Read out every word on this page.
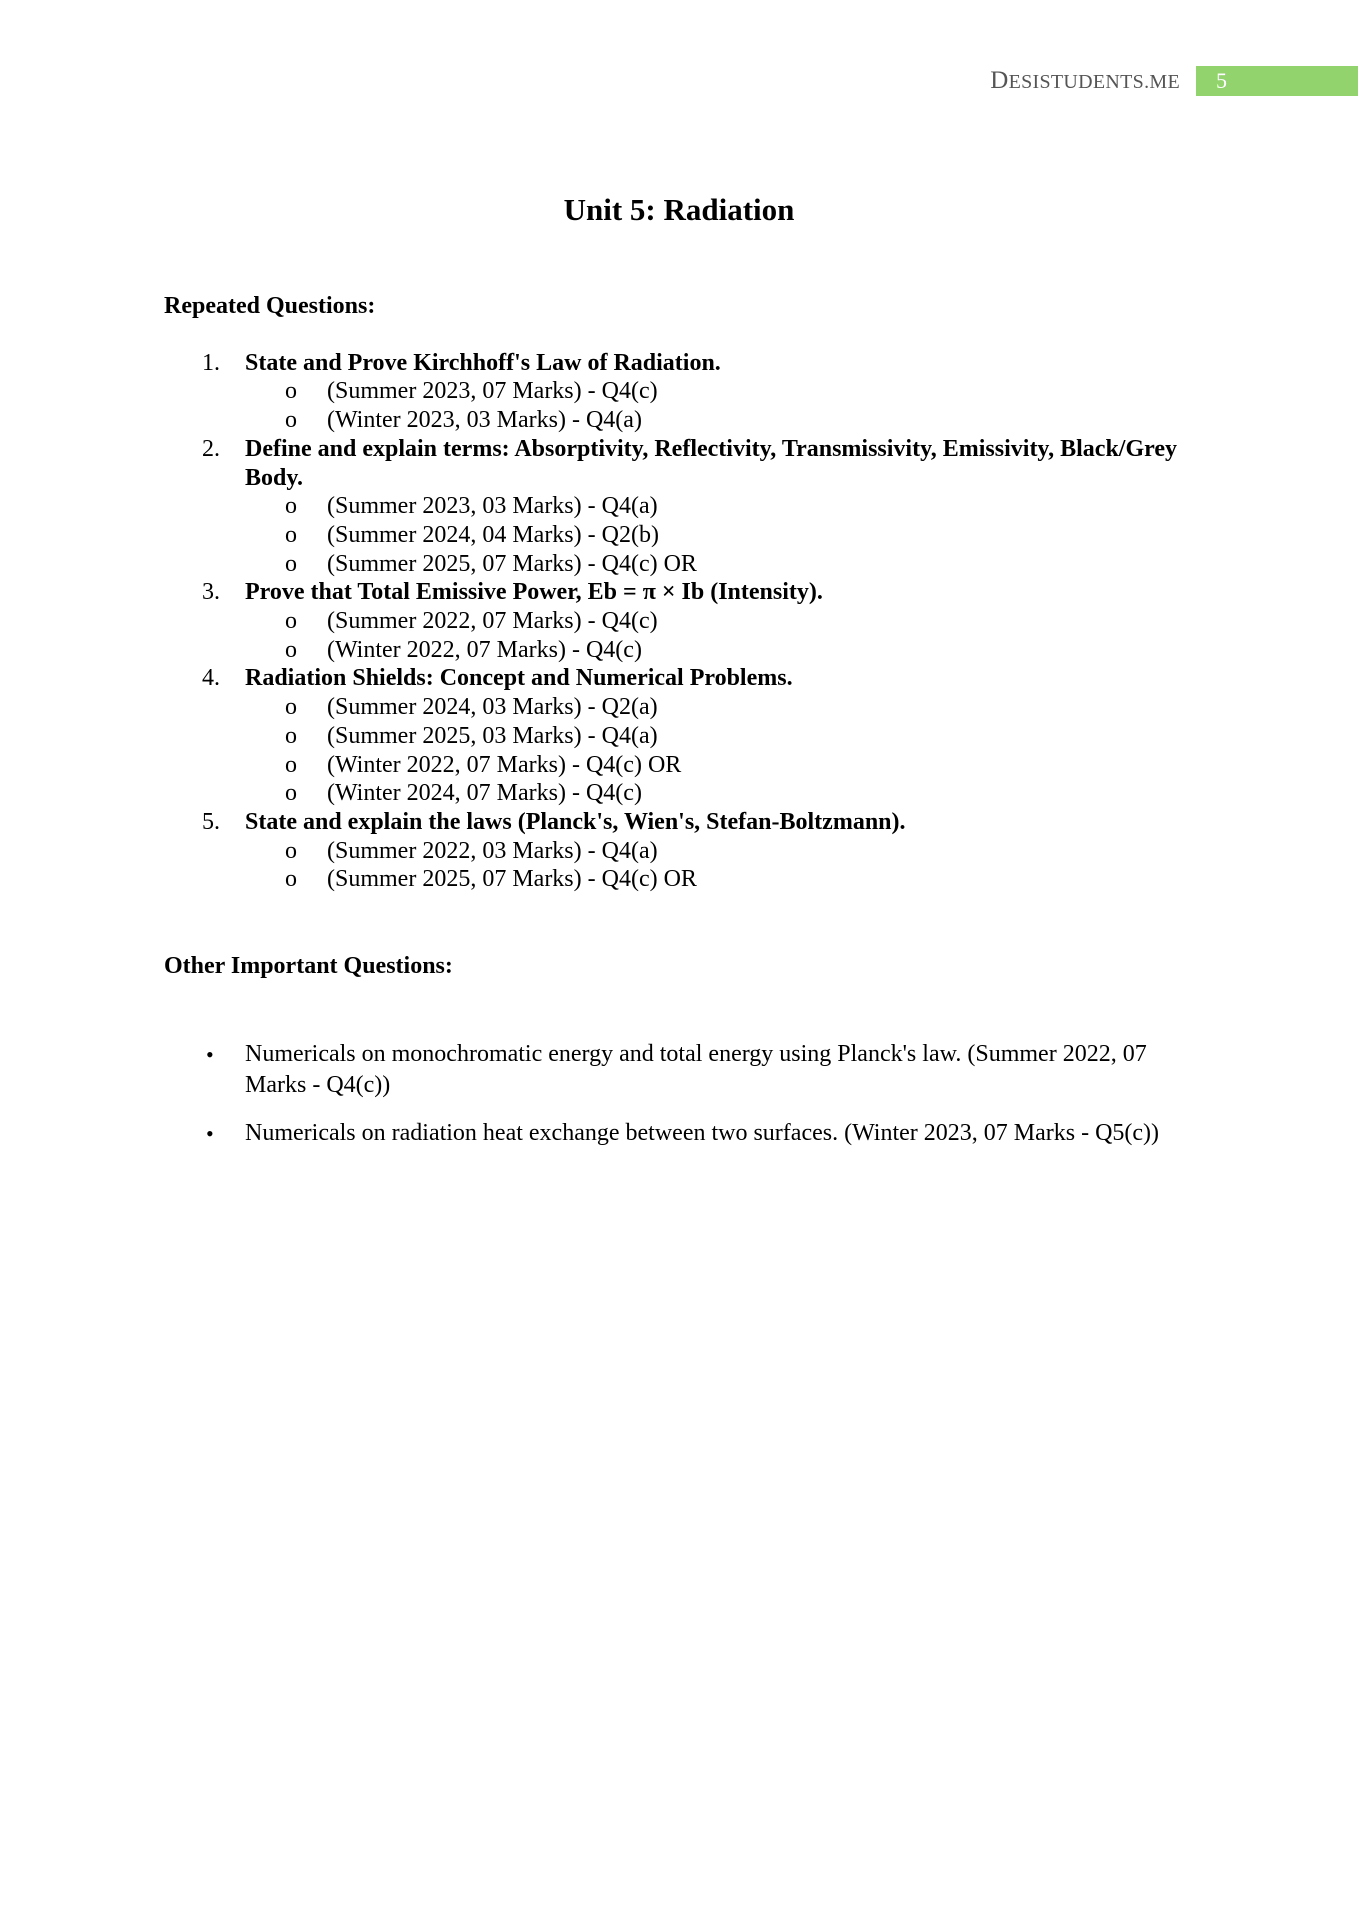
DESISTUDENTS.ME	5
Unit 5: Radiation

Repeated Questions:

1. State and Prove Kirchhoff's Law of Radiation.
o (Summer 2023, 07 Marks) - Q4(c)
o (Winter 2023, 03 Marks) - Q4(a)
2. Define and explain terms: Absorptivity, Reflectivity, Transmissivity, Emissivity, Black/Grey Body.
o (Summer 2023, 03 Marks) - Q4(a)
o (Summer 2024, 04 Marks) - Q2(b)
o (Summer 2025, 07 Marks) - Q4(c) OR
3. Prove that Total Emissive Power, Eb = π × Ib (Intensity).
o (Summer 2022, 07 Marks) - Q4(c)
o (Winter 2022, 07 Marks) - Q4(c)
4. Radiation Shields: Concept and Numerical Problems.
o (Summer 2024, 03 Marks) - Q2(a)
o (Summer 2025, 03 Marks) - Q4(a)
o (Winter 2022, 07 Marks) - Q4(c) OR
o (Winter 2024, 07 Marks) - Q4(c)
5. State and explain the laws (Planck's, Wien's, Stefan-Boltzmann).
o (Summer 2022, 03 Marks) - Q4(a)
o (Summer 2025, 07 Marks) - Q4(c) OR

Other Important Questions:

• Numericals on monochromatic energy and total energy using Planck's law. (Summer 2022, 07 Marks - Q4(c))
• Numericals on radiation heat exchange between two surfaces. (Winter 2023, 07 Marks - Q5(c))
